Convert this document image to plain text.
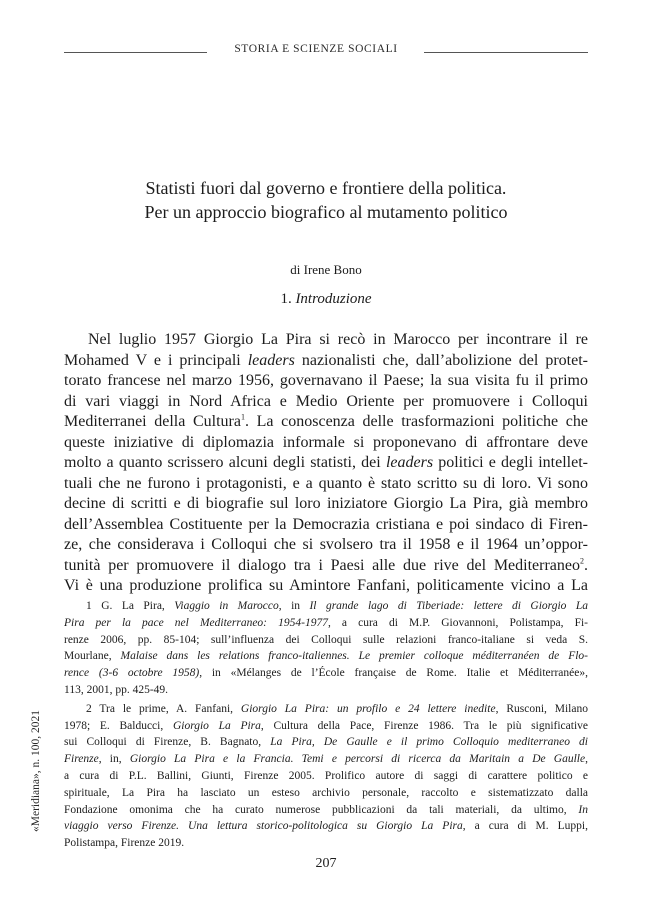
STORIA E SCIENZE SOCIALI
Statisti fuori dal governo e frontiere della politica.
Per un approccio biografico al mutamento politico
di Irene Bono
1. Introduzione
Nel luglio 1957 Giorgio La Pira si recò in Marocco per incontrare il re
Mohamed V e i principali leaders nazionalisti che, dall’abolizione del protet-
torato francese nel marzo 1956, governavano il Paese; la sua visita fu il primo
di vari viaggi in Nord Africa e Medio Oriente per promuovere i Colloqui
Mediterranei della Cultura$^1$. La conoscenza delle trasformazioni politiche che
queste iniziative di diplomazia informale si proponevano di affrontare deve
molto a quanto scrissero alcuni degli statisti, dei leaders politici e degli intellet-
tuali che ne furono i protagonisti, e a quanto è stato scritto su di loro. Vi sono
decine di scritti e di biografie sul loro iniziatore Giorgio La Pira, già membro
dell’Assemblea Costituente per la Democrazia cristiana e poi sindaco di Firen-
ze, che considerava i Colloqui che si svolsero tra il 1958 e il 1964 un’oppor-
tunità per promuovere il dialogo tra i Paesi alle due rive del Mediterraneo$^2$.
Vi è una produzione prolifica su Amintore Fanfani, politicamente vicino a La
1 G. La Pira, Viaggio in Marocco, in Il grande lago di Tiberiade: lettere di Giorgio La
Pira per la pace nel Mediterraneo: 1954-1977, a cura di M.P. Giovannoni, Polistampa, Fi-
renze 2006, pp. 85-104; sull’influenza dei Colloqui sulle relazioni franco-italiane si veda S.
Mourlane, Malaise dans les relations franco-italiennes. Le premier colloque méditerranéen de Flo-
rence (3-6 octobre 1958), in «Mélanges de l’École française de Rome. Italie et Méditerranée»,
113, 2001, pp. 425-49.
2 Tra le prime, A. Fanfani, Giorgio La Pira: un profilo e 24 lettere inedite, Rusconi, Milano
1978; E. Balducci, Giorgio La Pira, Cultura della Pace, Firenze 1986. Tra le più significative
sui Colloqui di Firenze, B. Bagnato, La Pira, De Gaulle e il primo Colloquio mediterraneo di
Firenze, in, Giorgio La Pira e la Francia. Temi e percorsi di ricerca da Maritain a De Gaulle,
a cura di P.L. Ballini, Giunti, Firenze 2005. Prolifico autore di saggi di carattere politico e
spirituale, La Pira ha lasciato un esteso archivio personale, raccolto e sistematizzato dalla
Fondazione omonima che ha curato numerose pubblicazioni da tali materiali, da ultimo, In
viaggio verso Firenze. Una lettura storico-politologica su Giorgio La Pira, a cura di M. Luppi,
Polistampa, Firenze 2019.
«Meridiana», n. 100, 2021
207
